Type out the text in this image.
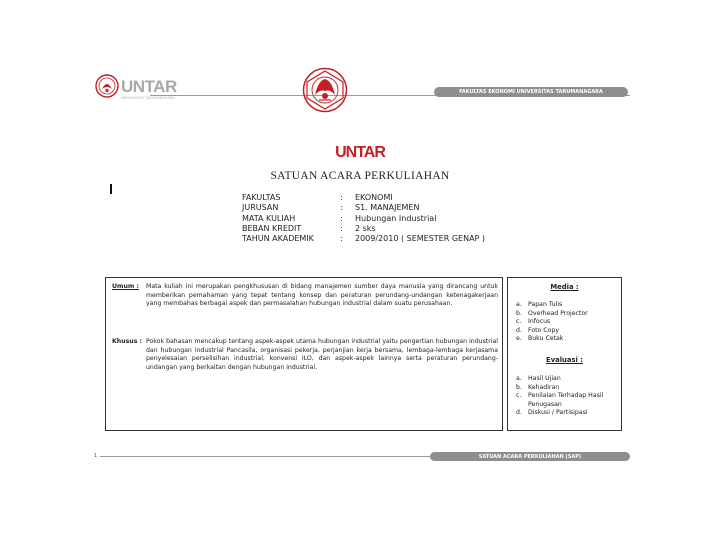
UNTAR
UNIVERSITAS TARUMANAGARA
FAKULTAS EKONOMI UNIVERSITAS TARUMANAGARA
UNTAR
SATUAN ACARA PERKULIAHAN
FAKULTAS	:	EKONOMI
JURUSAN	:	S1. MANAJEMEN
MATA KULIAH	:	Hubungan Industrial
BEBAN KREDIT	:	2 sks
TAHUN AKADEMIK	:	2009/2010 ( SEMESTER GENAP )
Umum :	Mata kuliah ini merupakan pengkhususan di bidang manajemen sumber daya manusia yang dirancang untuk memberikan pemahaman yang tepat tentang konsep dan peraturan perundang-undangan ketenagakerjaan yang membahas berbagai aspek dan permasalahan hubungan industrial dalam suatu perusahaan.
Khusus : Pokok bahasan mencakup tentang aspek-aspek utama hubungan industrial yaitu pengertian hubungan industrial dan hubungan industrial Pancasila, organisasi pekerja, perjanjian kerja bersama, lembaga-lembaga kerjasama penyelesaian perselisihan industrial, konvensi ILO, dan aspek-aspek lainnya serta peraturan perundang-undangan yang berkaitan dengan hubungan industrial.
Media :
a.	Papan Tulis
b. Overhead Projector
c.	Infocus
d. Foto Copy
e.	Buku Cetak
Evaluasi :
a.	Hasil Ujian
b. Kehadiran
c.	Penilaian Terhadap Hasil Penugasan
d. Diskusi / Partisipasi
1	SATUAN ACARA PERKULIAHAN (SAP)
